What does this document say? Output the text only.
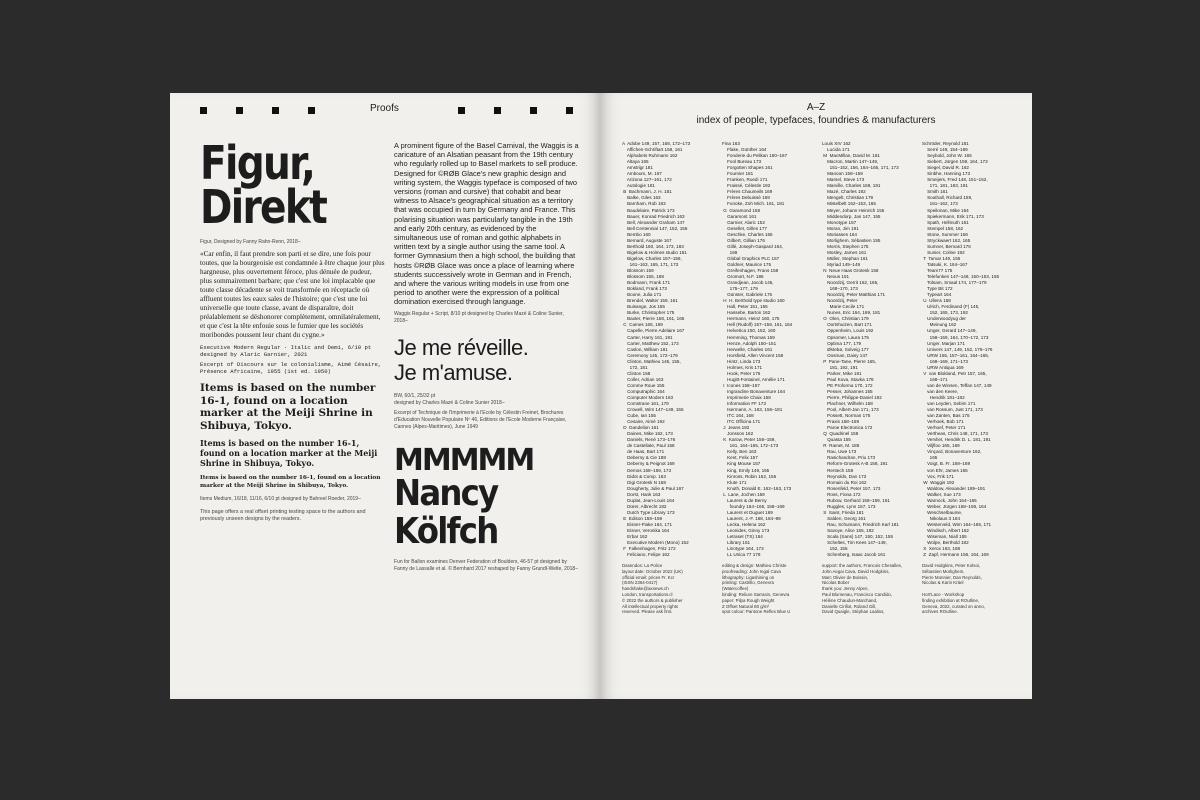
Proofs
Figur,
Direkt

Figur, Designed by Fanny Rahn-Renn, 2018–

«Car enfin, il faut prendre son parti et se dire, une fois pour toutes, que la bourgeoisie est condamnée à être chaque jour plus hargneuse, plus ouvertement féroce, plus dénuée de pudeur, plus sommairement barbare; que c'est une loi implacable que toute classe décadente se voit transformée en réceptacle où affluent toutes les eaux sales de l'histoire; que c'est une loi universelle que toute classe, avant de disparaître, doit préalablement se déshonorer complètement, omnilatéralement, et que c'est la tête enfouie sous le fumier que les sociétés moribondes poussent leur chant du cygne.»

Executive Modern Regular · Italic and Demi, 6/10 pt designed by Alaric Garnier, 2021

Excerpt of Discours sur le colonialisme, Aimé Césaire, Présence Africaine, 1955 (1st ed. 1950)

Items is based on the number 16-1, found on a location marker at the Meiji Shrine in Shibuya, Tokyo.

Items is based on the number 16-1, found on a location marker at the Meiji Shrine in Shibuya, Tokyo.

Items is based on the number 16-1, found on a location marker at the Meiji Shrine in Shibuya, Tokyo.

Items Medium, 16/18, 11/16, 6/10 pt designed by Bahreel Roeder, 2019–

This page offers a real offset printing testing space to the authors and previously unseen designs by the readers.

A prominent figure of the Basel Carnival, the Waggis is a caricature of an Alsatian peasant from the 19th century who regularly rolled up to Basel markets to sell produce. Designed for ©RØB Glace's new graphic design and writing system, the Waggis typeface is composed of two versions (roman and cursive) that cohabit and bear witness to Alsace's geographical situation as a territory that was occupied in turn by Germany and France. This polarising situation was particularly tangible in the 19th and early 20th century, as evidenced by the simultaneous use of roman and gothic alphabets in written text by a single author using the same tool. A former Gymnasium then a high school, the building that hosts ©RØB Glace was once a place of learning where students successively wrote in German and in French, and where the various writing models in use from one period to another were the expression of a political domination exercised through language.

Waggis Regular + Script, 8/10 pt designed by Charles Mazé & Coline Sunier, 2018–

Je me réveille.
Je m'amuse.

BW, 60/1, 25/32 pt

designed by Charles Mazé & Coline Sunier 2018–

Excerpt of Technique de l'Imprimerie à l'Ecole by Célestin Freinet, Brochures d'Education Nouvelle Populaire Nº 46, Editions de l'Ecole Moderne Française, Cannes (Alpes-Maritimes), June 1949

MMMMM
Nancy
Kölfch

Fun for Ballon examines Denver Federation of Boulders, 46-57 pt designed by Fanny de Lassalle et al. © Bernhard 2017 reshaped by Fanny Grundl-Welte, 2018–

A–Z
index of people, typefaces, foundries & manufacturers
A  Adobe 149, 157, 168, 172–173
Affichen-Schriftart 158, 161
Alphabets Ruhmann 162
Altaya 165
Amstrigr 181
Amboum, M. 167
Arizona 127–161, 172
Autologie 181
B  Bachmann, J. H. 181
Balke, Giles 163
Barnham, Rob 183
Baudelaire, Patrick 173
Bauer, Konrad Friedrich 163
Bell, Alexander Graham 147
Bell Centennial 147, 152, 155
Bembo 160
Bernard, Auguste 167
Berthold 160, 164, 173, 183
Bigelow & Holmes studio 161
Bigelow, Charles 157–159,
161–163, 165, 171, 173
Blossom 159
Blossom 155, 168
Bodmann, Frank 171
Bokland, Frank 173
Boone, Julia 171
Brendel, Walter 159, 161
Buisange, Jos 155
Burke, Christopher 175
Baxter, Pierre 158, 161, 165
C  Cames 165, 169
Capelle, Pierre Adelaire 167
Carter, Harry 161, 191
Carter, Matthew 152, 173
Caslon, William 181
Ceremony 145, 172–179
Clinton, Mathieu 145, 155,
172, 181
Clinton 158
Coller, Adrian 163
Comme Roue 155
Computraphic 164
Computer Modern 163
Comstrane 161, 179
Crowell, Wim 147–149, 155
Cube, Ian 155
Cesaire, Aimé 192
D  Dandelion 161
Daines, Mike 162, 173
Daniels, René 173–176
de Castellate, Paul 158
de Haas, Bart 171
Deberny & Cie 188
Deberny & Peignot 169
Demos 158–159, 173
Didot & Comp. 163
Digi Grotesk N 158
Dougherty, Julie & Paul 167
Dorst, Hank 163
Duplat, Jean-Louis 164
Dürer, Albrecht 182
Dutch Type Library 173
E  Edison 158–159
Eisner-Flake 164, 171
Eisner, Veronika 164
Erbar 162
Executive Modern (Mono) 152
F  Falkenhagen, Fritz 172
Feliciano, Felipe 162
Fina 163
Flake, Günther 164
Fonderie du Pelikan 160–167
Fool Bureau 173
Forgotten Shapes 161
Fournier 181
Franken, Ruedi 171
Fraissé, Célestin 192
Frères Chaumeils 169
Frères Debuissé 169
Funoke, Zoh Mich. 161, 181
G  Garamond 158
Garamont 161
Garnier, Alaric 152
Gesellet, Gilles 177
Geschke, Charles 165
Gilbert, Gillian 176
Gillé, Joseph-Gaspard 164,
169
Global Graphics PLC 157
Goldner, Maurice 175
Greifenhagen, Frans 158
Gromort, N.F. 186
Grandjean, Jacob 145,
175–177, 179
Günster, Gabriele 175
H  H. Berthold type studio 160
Hall, Peter 151, 155
Hassebe, Barton 162
Hermann, Heinz 160, 175
Hell (Rudolf) 157–159, 161, 164
Helvetica 150, 152, 160
Hemming, Thomas 159
Henze, Adolph 150–151
Herwelle, Charles 161
Horsfield, Allen Vincent 158
Hintz, Linda 173
Holmes, Kris 171
Hook, Peter 175
Hugitt-Fontainel, Amélie 171
I  Icones 158–157
Ingrandine Bonaventure 164
Imprimerie Chaix 158
Information FF 173
Isermann, A. 163, 156–181
ITC 164, 168
ITC Officina 171
J  Jeans 182
Jonsson 162
K  Karow, Peter 156–159,
161, 164–165, 172–173
Kelly, Ben 163
Kent, Felix 157
King Mouse 157
King, Emily 149, 155
Kinross, Robin 152, 155
Klute 171
Knuth, Donald E. 162–163, 173
L  Lane, Jochen 159
Laurent & de Berny
foundry 164–165, 158–169
Laurent et Duguet 169
Laurent, J.-F. 168, 184–89
Lecka, Helena 162
Leonides, Ginny 173
Letraset (TS) 164
Library 151
Linotype 164, 173
LL Unica 77 178
Louis XIV 162
Lucida 171
M  MacMillan, David M. 161
Macron, Martin 147–149,
151–152, 156, 164–165, 171, 173
Manoon 158–159
Marsel, Steve 173
Marville, Charles 169, 191
Mazé, Charles 192
Mengelt, Christian 179
Mistelbelt 152–153, 165
Meyer, Johann Heinrich 155
Middendorp, Jan 147, 155
Monotype 157
Moran, Jim 191
Moriasses 164
Morlighem, Sébastien 155
Morris, Stephen 175
Mosley, James 161
Müller, Stephan 161
Myriad 149–149
N  Neue Haas Grotesk 158
Nexus 151
Noordzij, Gerrit 162, 165,
168–170, 173
Noordzij, Peter Matthias 171
Noordzij, Peter
Marie Cecile 171
Nunes, Eric 164, 169, 181
O  Olen, Christian 179
Oortshuizen, Bart 171
Oppenheim, Louis 192
Opsomer, Laura 175
Optima 177, 179
Østebø, Solveig 177
Oosman, Daisy 147
P  Pane-Tane, Pierre 165,
181, 192, 191
Parker, Mike 181
Paul Kova, Stavka 178
PE Proforma 170, 172
Pesser, Johannes 155
Pierre, Philippe-Daniel 192
Plachner, Wilhelm 158
Pool, Albert-Jan 171, 173
Possett, Norman 175
Praxis 158–159
Paroe Electronica 172
Q  Quadrinel 158
Quasta 155
R  Ramet, M. 189
Rau, Uwe 173
Rasichandran, Priu 173
Reform-Grotesk A-B 158, 191
Rentech 158
Reynolds, Dan 173
Romain du Roi 162
Rosenfeld, Peter 157, 173
Ross, Fiona 172
Rubow, Gerhard 158–159, 161
Ruggles, Lynn 157, 173
S  Saint, Frieda 161
Salden, Georg 161
Rau, Schumann, Friedrich Karl 181
Savoye, Alice 155, 192
Scala (Sans) 147, 150, 152, 155
Scheltes, Tim Kees 147–149,
152, 155
Schenberg, Isaac Jacob 161
Schröder, Reynold 181
Serré 149, 154–169
Seybold, John W. 165
Siebert, Jürgen 159, 164, 173
Siegel, David R. 162
Sinbhe, Hanning 173
Smeijers, Fred 148, 151–152,
171, 181, 183, 191
Smith 161
Southall, Richard 159,
161–162, 173
Speikman, Mike 164
Spiekermann, Erik 171, 173
Spath, Hellmuth 161
Stempel 158, 162
Stone, Summer 156
Stryckwaert 162, 165
Sumner, Bernard 176
Sunier, Coline 192
T  Tamar 149, 155
Tatsuki, K. 164–167
Team77 175
Telefunken 147–148, 150–153, 155
Tolsam, Smaal 174, 177–179
Type Bit 172
Typeart 164
U  Ullens 158
Ulrich, Ferdinand (F) 145,
152, 165, 173, 192
Underwoodyug der
Meinung 162
Unger, Gerard 147–149,
158–159, 164, 170–172, 173
Unger, Marjan 171
Univers 147, 149, 152, 176–176
URW 155, 157–161, 164–165,
168–169, 171–173
URW Antiqua 169
V  van Blokland, Petr 157, 165,
168–171
van de Winsen, Teffan 147, 149
van den Keere,
Hendrik 181–182
van Leyden, Sebim 171
van Rossum, Just 171, 173
van Zanten, Bas 175
Verhoek, Bob 171
Verhoef, Peter 171
Vertheas, Chris 148, 171, 173
Vervliet, Hendrik D. L. 181, 191
Viljfloo 165, 169
Vinçard, Bonaventure 162,
165
Voigt, B. Fr. 168–169
von Ehr, James 165
Vox, Frik 171
W  Waggis 192
Waldow, Alexander 189–191
Walker, Sue 173
Warnock, John 164–165
Weber, Jürgen 158–159, 164
Weschselbaume,
Nikolaus 3 184
Westerveld, Wim 164–165, 171
Windisch, Albert 162
Wiseman, Niall 155
Wolpe, Berthold 182
X  Xerox 163, 168
Z  Zapf, Hermann 156, 164, 169
Dasendos: La Police
layout date: October 2022 (UK)
official email: prices Fr. Kcr
(ISSN 2364-0417)
handshake@axnews.ch
London, transportations.cl
© 2022 the authors & publisher
All intellectual property rights
reserved. Please ask first.
editing & design: Mathieu Christe
proofreading: John Ingal Cava
lithography: Ligashining on
printing: Castrillo, Genevra
(Watercoffee)
binding: Reliure Sarrasin, Genevra
paper: Pilpa Rough Weight
Z Offset Natural 80 g/m²
spot colour: Pantone Reflex Blue U
support: the authors, Francois Chesalles,
John Aegai Cava, David Hodgkins,
Marc Olivier de Boissin,
Nicolas Bober
thank you: Jenny Alpen,
Paul Blumenau, Francisco Candido,
Hélène Chaudun-Marchand,
Danielle Cirillot, Roland Gill,
David Quaigle, Stéphan Laaliss,
David Hodgkins, Peter Kolsoi,
Sébastien Morlighem,
Pierre Monnier, Dan Reynolds,
Nicolas & Karin Kräel

Hort'Lace - Workshop
finding exhibition at ROutline,
Geneva, 2022, curated on anno,
archives ROutline.
